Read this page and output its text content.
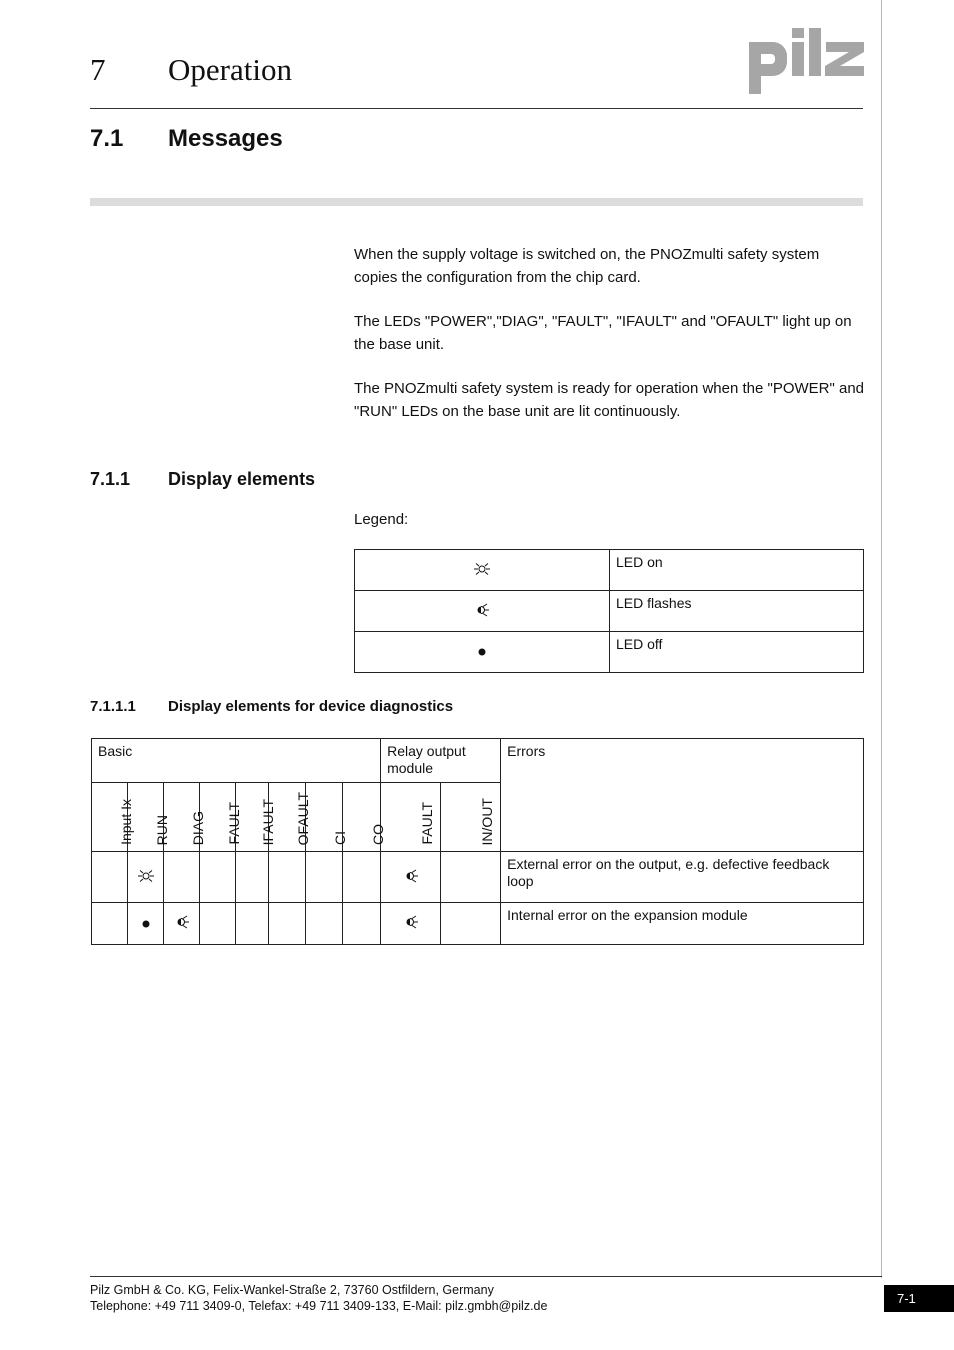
7 Operation
7.1 Messages
When the supply voltage is switched on, the PNOZmulti safety system copies the configuration from the chip card.
The LEDs "POWER","DIAG", "FAULT", "IFAULT" and "OFAULT" light up on the base unit.
The PNOZmulti safety system is ready for operation when the "POWER" and "RUN" LEDs on the base unit are lit continuously.
7.1.1 Display elements
Legend:
	LED on
	LED flashes
	LED off
7.1.1.1 Display elements for device diagnostics
Basic								Relay output module		Errors

Input Ix	RUN	DIAG	FAULT	IFAULT	OFAULT	CI	CO	FAULT	IN/OUT	

										External error on the output, e.g. defective feedback loop
										Internal error on the expansion module
Pilz GmbH & Co. KG, Felix-Wankel-Straße 2, 73760 Ostfildern, Germany
Telephone: +49 711 3409-0, Telefax: +49 711 3409-133, E-Mail: pilz.gmbh@pilz.de	7-1
